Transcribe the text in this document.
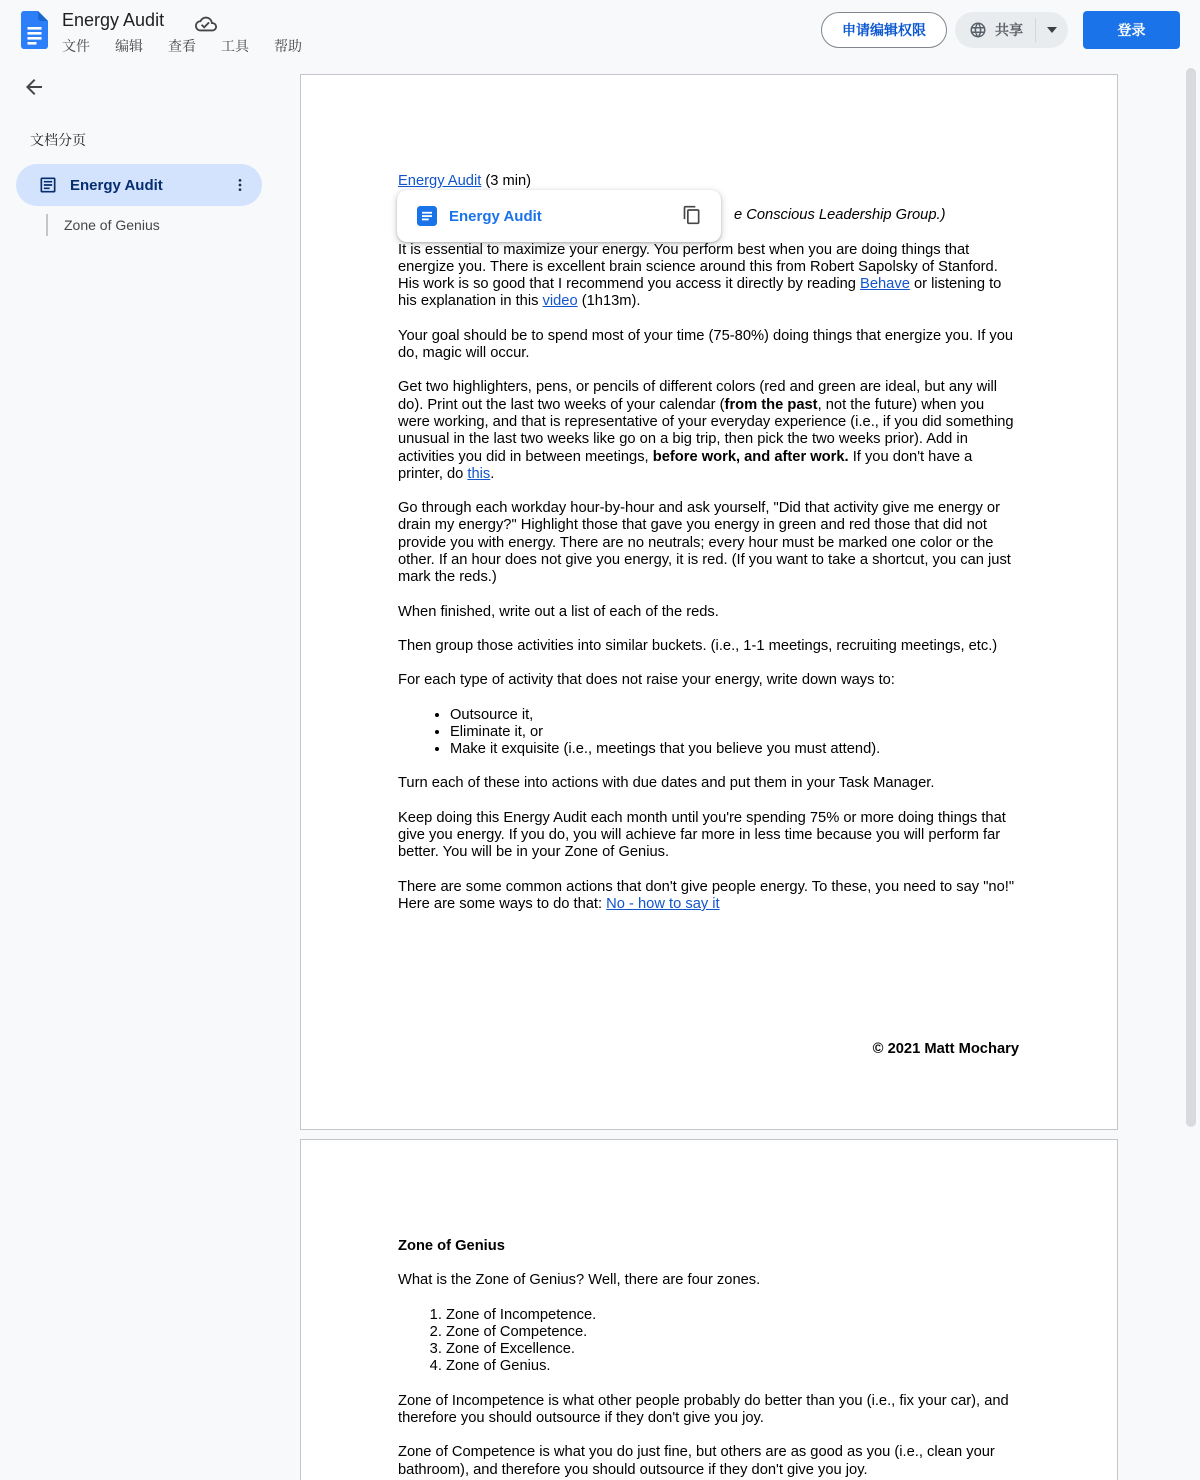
Energy Audit
文件 编辑 查看 工具 帮助
申请编辑权限	共享	登录
文档分页
Energy Audit
Zone of Genius

Energy Audit (3 min)

e Conscious Leadership Group.)

It is essential to maximize your energy. You perform best when you are doing things that energize you. There is excellent brain science around this from Robert Sapolsky of Stanford. His work is so good that I recommend you access it directly by reading Behave or listening to his explanation in this video (1h13m).

Your goal should be to spend most of your time (75-80%) doing things that energize you. If you do, magic will occur.

Get two highlighters, pens, or pencils of different colors (red and green are ideal, but any will do). Print out the last two weeks of your calendar (from the past, not the future) when you were working, and that is representative of your everyday experience (i.e., if you did something unusual in the last two weeks like go on a big trip, then pick the two weeks prior). Add in activities you did in between meetings, before work, and after work. If you don't have a printer, do this.

Go through each workday hour-by-hour and ask yourself, "Did that activity give me energy or drain my energy?" Highlight those that gave you energy in green and red those that did not provide you with energy. There are no neutrals; every hour must be marked one color or the other. If an hour does not give you energy, it is red. (If you want to take a shortcut, you can just mark the reds.)

When finished, write out a list of each of the reds.

Then group those activities into similar buckets. (i.e., 1-1 meetings, recruiting meetings, etc.)

For each type of activity that does not raise your energy, write down ways to:

• Outsource it,
• Eliminate it, or
• Make it exquisite (i.e., meetings that you believe you must attend).

Turn each of these into actions with due dates and put them in your Task Manager.

Keep doing this Energy Audit each month until you're spending 75% or more doing things that give you energy. If you do, you will achieve far more in less time because you will perform far better. You will be in your Zone of Genius.

There are some common actions that don't give people energy. To these, you need to say "no!" Here are some ways to do that: No - how to say it

© 2021 Matt Mochary

Zone of Genius

What is the Zone of Genius? Well, there are four zones.

1. Zone of Incompetence.
2. Zone of Competence.
3. Zone of Excellence.
4. Zone of Genius.

Zone of Incompetence is what other people probably do better than you (i.e., fix your car), and therefore you should outsource if they don't give you joy.

Zone of Competence is what you do just fine, but others are as good as you (i.e., clean your bathroom), and therefore you should outsource if they don't give you joy.

Energy Audit
